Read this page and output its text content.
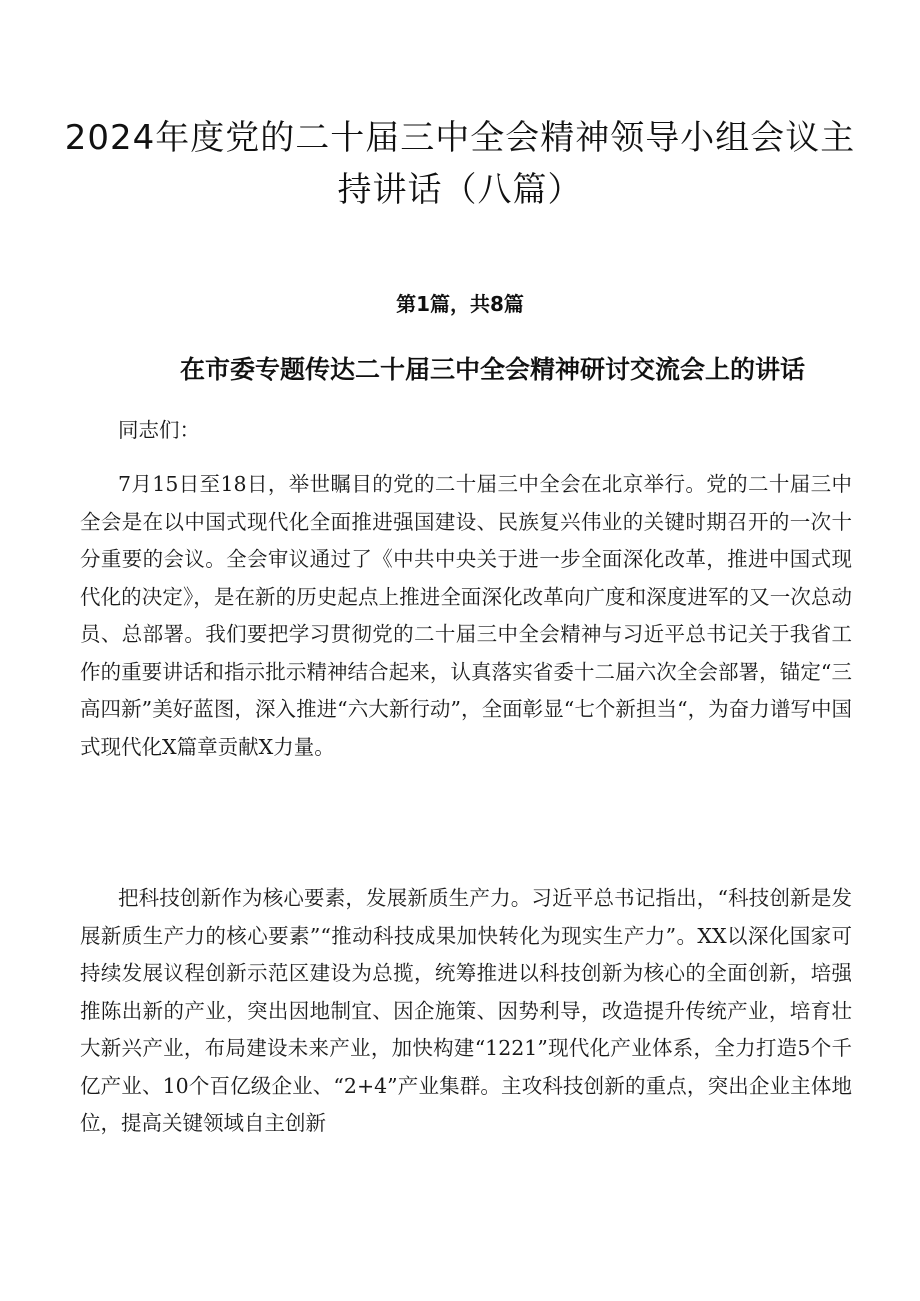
2024年度党的二十届三中全会精神领导小组会议主持讲话（八篇）
第1篇，共8篇
在市委专题传达二十届三中全会精神研讨交流会上的讲话

同志们：

7月15日至18日，举世瞩目的党的二十届三中全会在北京举行。党的二十届三中全会是在以中国式现代化全面推进强国建设、民族复兴伟业的关键时期召开的一次十分重要的会议。全会审议通过了《中共中央关于进一步全面深化改革，推进中国式现代化的决定》，是在新的历史起点上推进全面深化改革向广度和深度进军的又一次总动员、总部署。我们要把学习贯彻党的二十届三中全会精神与习近平总书记关于我省工作的重要讲话和指示批示精神结合起来，认真落实省委十二届六次全会部署，锚定“三高四新”美好蓝图，深入推进“六大新行动”，全面彰显“七个新担当“，为奋力谱写中国式现代化X篇章贡献X力量。

把科技创新作为核心要素，发展新质生产力。习近平总书记指出，“科技创新是发展新质生产力的核心要素”“推动科技成果加快转化为现实生产力”。XX以深化国家可持续发展议程创新示范区建设为总揽，统筹推进以科技创新为核心的全面创新，培强推陈出新的产业，突出因地制宜、因企施策、因势利导，改造提升传统产业，培育壮大新兴产业，布局建设未来产业，加快构建“1221”现代化产业体系，全力打造5个千亿产业、10个百亿级企业、“2+4”产业集群。主攻科技创新的重点，突出企业主体地位，提高关键领域自主创新
